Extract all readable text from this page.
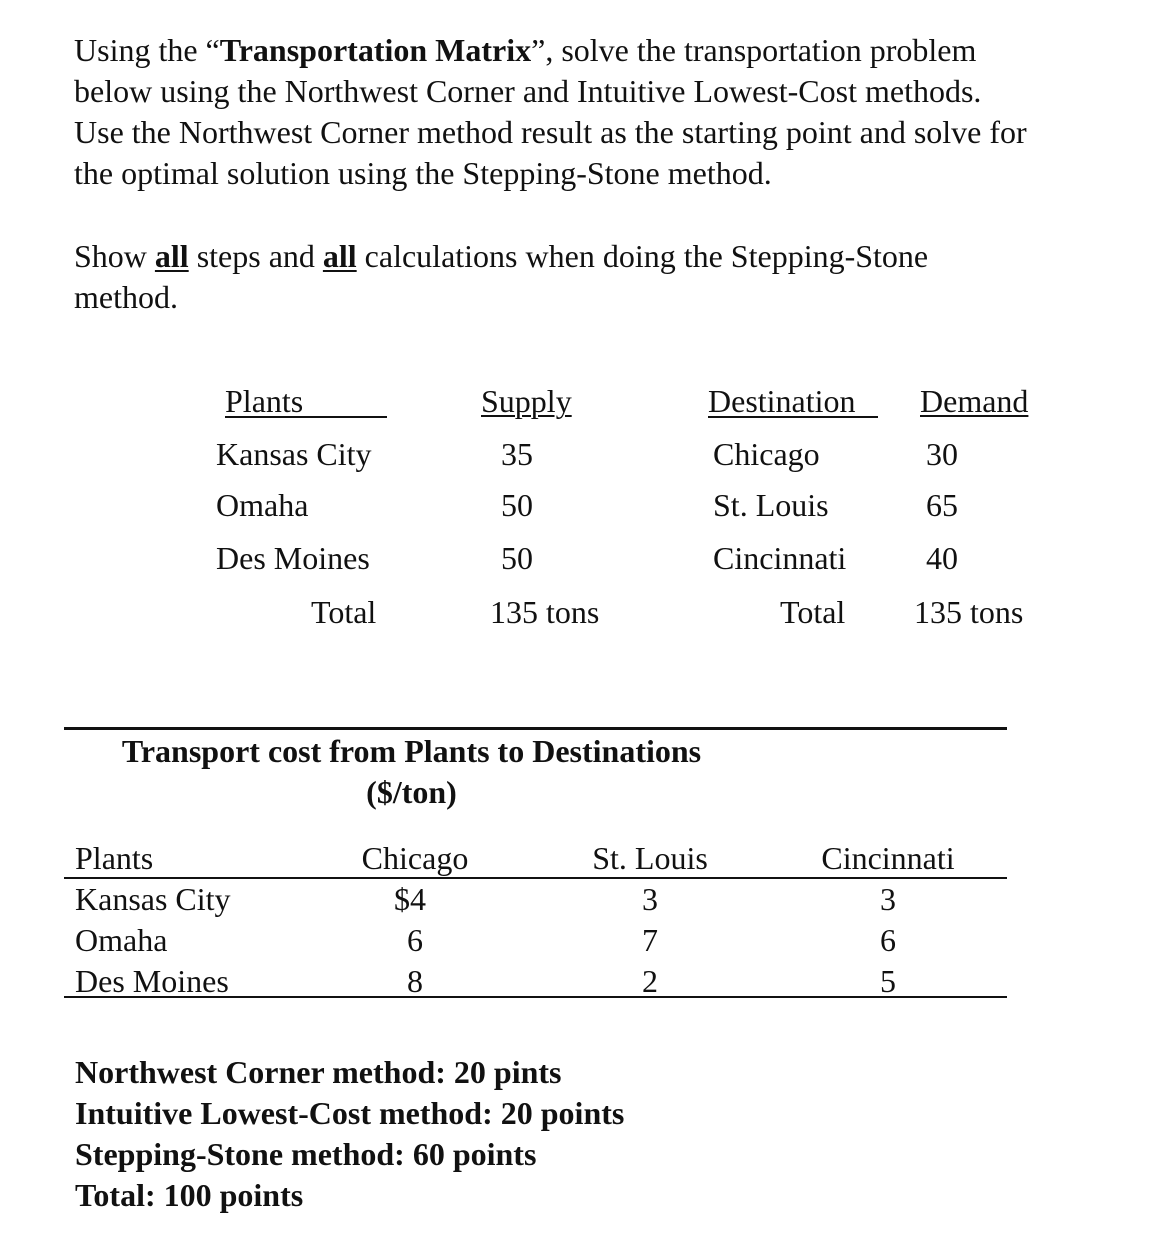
Using the “Transportation Matrix”, solve the transportation problem
below using the Northwest Corner and Intuitive Lowest-Cost methods.
Use the Northwest Corner method result as the starting point and solve for
the optimal solution using the Stepping-Stone method.
Show all steps and all calculations when doing the Stepping-Stone
method.
Plants	Supply	Destination Demand
Kansas City	35	Chicago	30
Omaha	50	St. Louis	65
Des Moines	50	Cincinnati 40
Total	135 tons	Total 135 tons
Transport cost from Plants to Destinations
($/ton)
Plants	Chicago	St. Louis	Cincinnati
Kansas City	$4	3	3
Omaha	6	7	6
Des Moines	8	2	5
Northwest Corner method: 20 pints
Intuitive Lowest-Cost method: 20 points
Stepping-Stone method: 60 points
Total: 100 points
